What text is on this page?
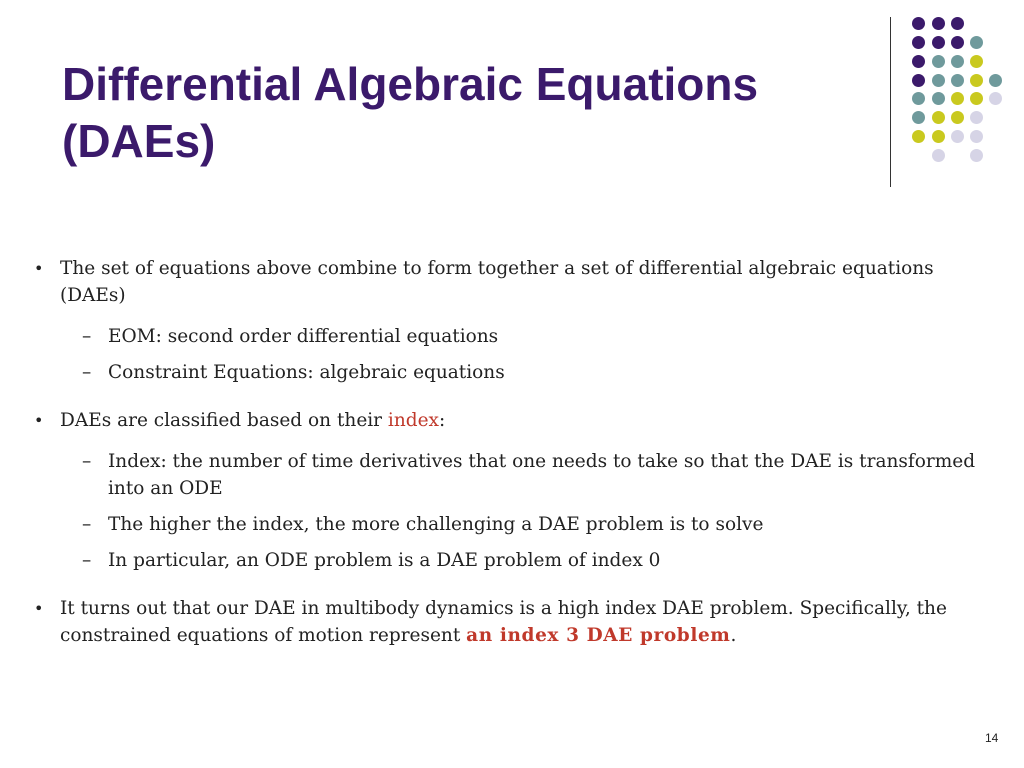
Differential Algebraic Equations
(DAEs)

• The set of equations above combine to form together a set of differential algebraic equations (DAEs)

– EOM: second order differential equations

– Constraint Equations: algebraic equations

• DAEs are classified based on their index:

– Index: the number of time derivatives that one needs to take so that the DAE is transformed into an ODE

– The higher the index, the more challenging a DAE problem is to solve

– In particular, an ODE problem is a DAE problem of index 0

• It turns out that our DAE in multibody dynamics is a high index DAE problem. Specifically, the constrained equations of motion represent an index 3 DAE problem.

14
